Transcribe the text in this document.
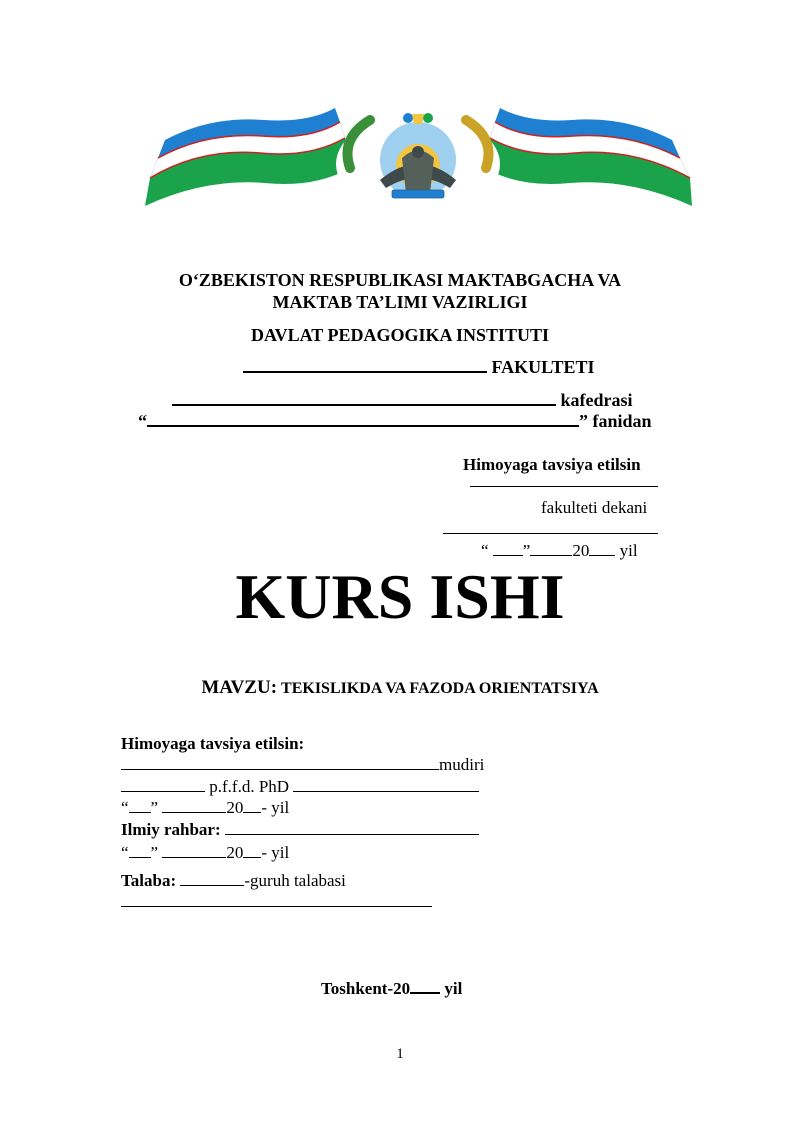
O‘ZBEKISTON RESPUBLIKASI MAKTABGACHA VA
MAKTAB TA’LIMI VAZIRLIGI
DAVLAT PEDAGOGIKA INSTITUTI
FAKULTETI
kafedrasi
“	” fanidan
Himoyaga tavsiya etilsin
fakulteti dekani
“ ” 20 yil
KURS ISHI
MAVZU: TEKISLIKDA VA FAZODA ORIENTATSIYA
Himoyaga tavsiya etilsin:
mudiri
p.f.f.d. PhD
“ ”	20 - yil
Ilmiy rahbar:
“ ”	20 - yil
Talaba:	-guruh talabasi
Toshkent-20 yil
1
